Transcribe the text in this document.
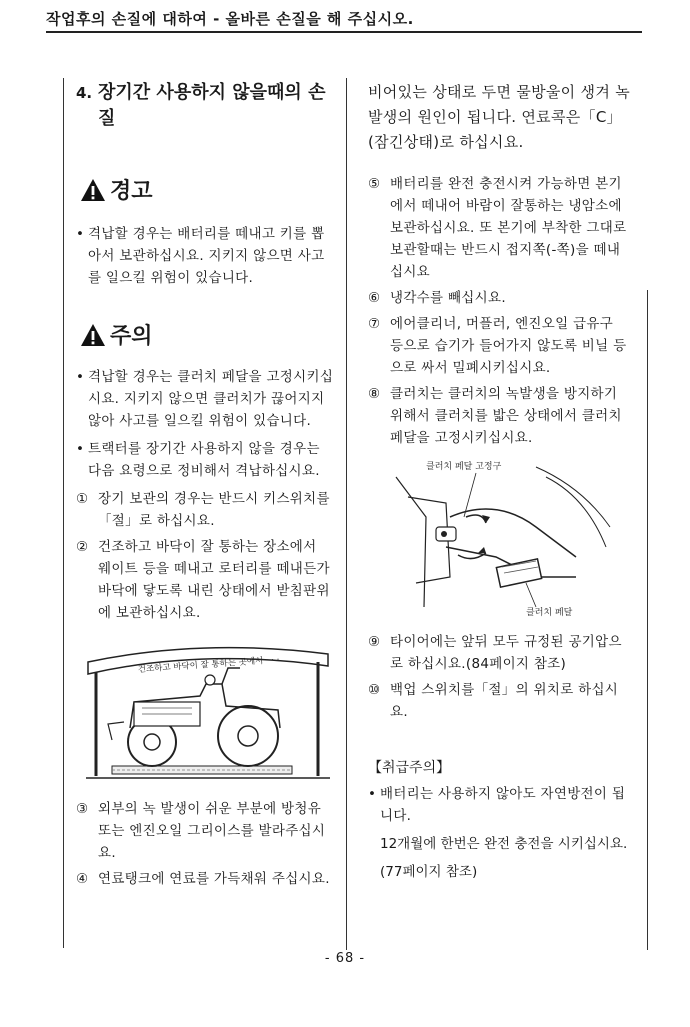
작업후의 손질에 대하여 - 올바른 손질을 해 주십시오.
4. 장기간 사용하지 않을때의 손질
경고
• 격납할 경우는 배터리를 떼내고 키를 뽑아서 보관하십시요. 지키지 않으면 사고를 일으킬 위험이 있습니다.
주의
• 격납할 경우는 클러치 페달을 고정시키십시요. 지키지 않으면 클러치가 끊어지지 않아 사고를 일으킬 위험이 있습니다.
• 트랙터를 장기간 사용하지 않을 경우는 다음 요령으로 정비해서 격납하십시요.
① 장기 보관의 경우는 반드시 키스위치를「절」로 하십시요.
② 건조하고 바닥이 잘 통하는 장소에서 웨이트 등을 떼내고 로터리를 떼내든가 바닥에 닿도록 내린 상태에서 받침판위에 보관하십시요.
건조하고 바닥이 잘 통하는 곳에서 · · ·
③ 외부의 녹 발생이 쉬운 부분에 방청유 또는 엔진오일 그리이스를 발라주십시요.
④ 연료탱크에 연료를 가득채워 주십시요.
비어있는 상태로 두면 물방울이 생겨 녹발생의 원인이 됩니다. 연료콕은「C」(잠긴상태)로 하십시요.
⑤ 배터리를 완전 충전시켜 가능하면 본기에서 떼내어 바람이 잘통하는 냉암소에 보관하십시요. 또 본기에 부착한 그대로 보관할때는 반드시 접지쪽(-쪽)을 떼내십시요
⑥ 냉각수를 빼십시요.
⑦ 에어클리너, 머플러, 엔진오일 급유구 등으로 습기가 들어가지 않도록 비닐 등으로 싸서 밀폐시키십시요.
⑧ 클러치는 클러치의 녹발생을 방지하기 위해서 클러치를 밟은 상태에서 클러치 페달을 고정시키십시요.
클러치 페달 고정구
클러치 페달
⑨ 타이어에는 앞뒤 모두 규정된 공기압으로 하십시요.(84페이지 참조)
⑩ 백업 스위치를「절」의 위치로 하십시요.
【취급주의】
• 배터리는 사용하지 않아도 자연방전이 됩니다.
12개월에 한번은 완전 충전을 시키십시요.
(77페이지 참조)
- 68 -
